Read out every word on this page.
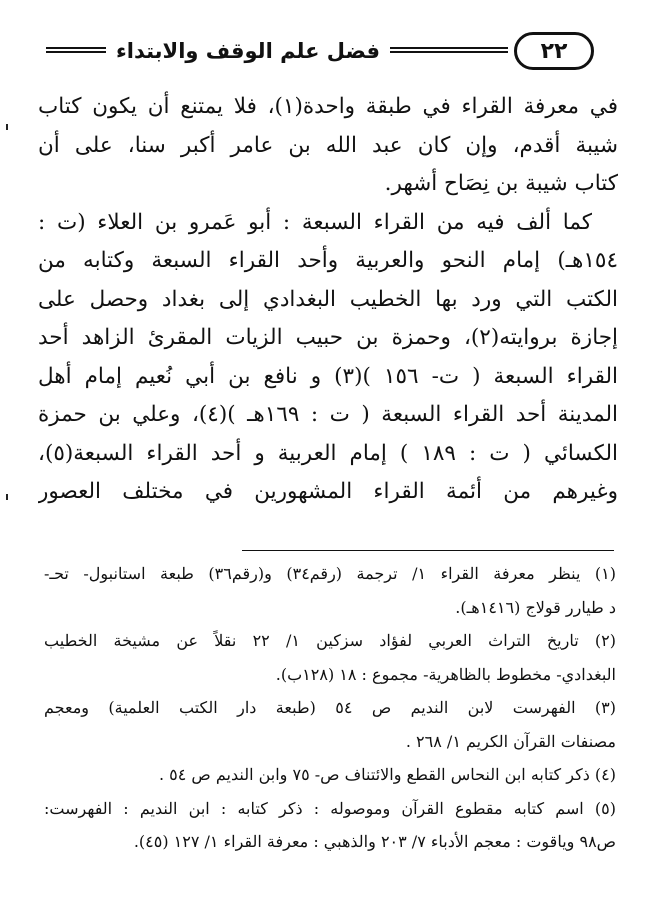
فضل علم الوقف والابتداء	٢٢
في معرفة القراء في طبقة واحدة(١)، فلا يمتنع أن يكون كتاب
شيبة أقدم، وإن كان عبد الله بن عامر أكبر سنا، على أن
كتاب شيبة بن نِصَاح أشهر.
كما ألف فيه من القراء السبعة : أبو عَمرو بن العلاء (ت :
١٥٤هـ) إمام النحو والعربية وأحد القراء السبعة وكتابه من
الكتب التي ورد بها الخطيب البغدادي إلى بغداد وحصل على
إجازة بروايته(٢)، وحمزة بن حبيب الزيات المقرئ الزاهد أحد
القراء السبعة ( ت- ١٥٦ )(٣) و نافع بن أبي نُعيم إمام أهل
المدينة أحد القراء السبعة ( ت : ١٦٩هـ )(٤)، وعلي بن حمزة
الكسائي ( ت : ١٨٩ ) إمام العربية و أحد القراء السبعة(٥)،
وغيرهم من أئمة القراء المشهورين في مختلف العصور
(١) ينظر معرفة القراء ١/ ترجمة (رقم٣٤) و(رقم٣٦) طبعة استانبول- تحـ-
د طيارر قولاج (١٤١٦هـ).
(٢) تاريخ التراث العربي لفؤاد سزكين ١/ ٢٢ نقلاً عن مشيخة الخطيب
البغدادي- مخطوط بالظاهرية- مجموع : ١٨ (١٢٨ب).
(٣) الفهرست لابن النديم ص ٥٤ (طبعة دار الكتب العلمية) ومعجم
مصنفات القرآن الكريم ١/ ٢٦٨ .
(٤) ذكر كتابه ابن النحاس القطع والائتناف ص- ٧٥ وابن النديم ص ٥٤ .
(٥) اسم كتابه مقطوع القرآن وموصوله : ذكر كتابه : ابن النديم : الفهرست:
ص٩٨ وياقوت : معجم الأدباء ٧/ ٢٠٣ والذهبي : معرفة القراء ١/ ١٢٧ (٤٥).
